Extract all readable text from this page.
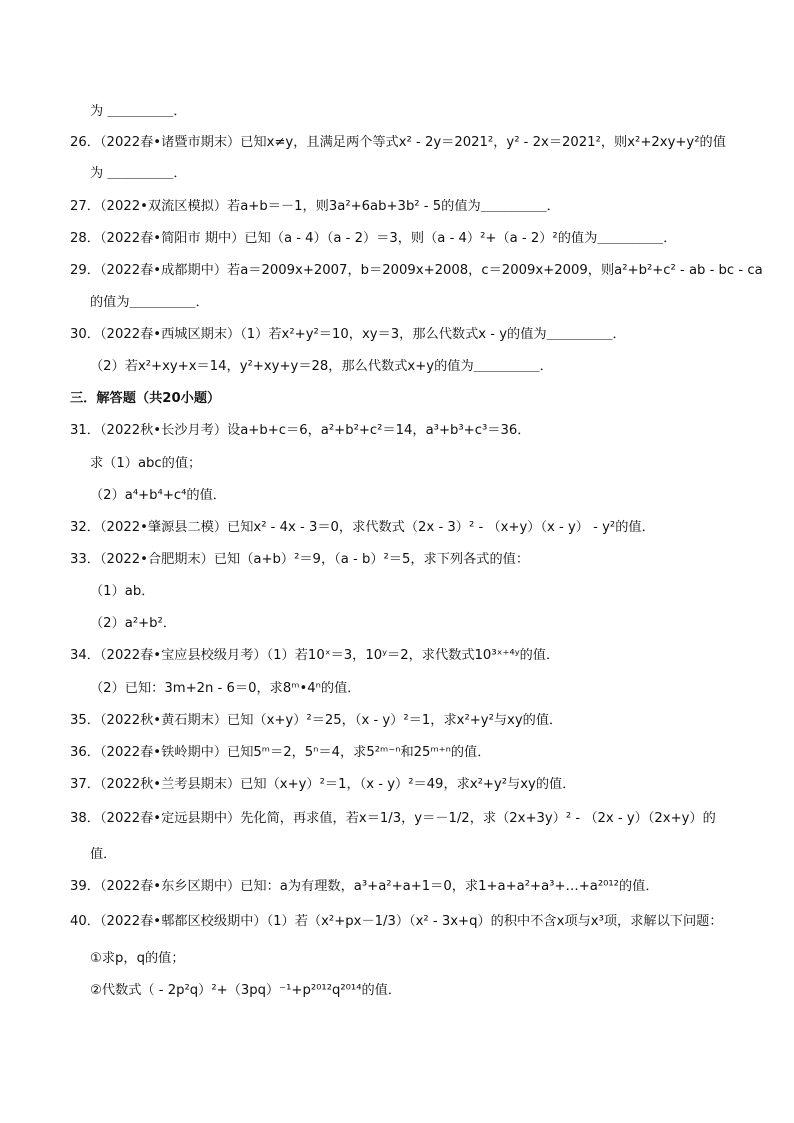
为 ＿＿＿＿＿．
26．（2022春•诸暨市期末）已知x≠y，且满足两个等式x² - 2y＝2021²，y² - 2x＝2021²，则x²+2xy+y²的值
为 ＿＿＿＿＿．
27．（2022•双流区模拟）若a+b＝－1，则3a²+6ab+3b² - 5的值为＿＿＿＿＿．
28．（2022春•简阳市 期中）已知（a - 4）（a - 2）＝3，则（a - 4）²+（a - 2）²的值为＿＿＿＿＿．
29．（2022春•成都期中）若a＝2009x+2007，b＝2009x+2008，c＝2009x+2009，则a²+b²+c² - ab - bc - ca
的值为＿＿＿＿＿．
30．（2022春•西城区期末）（1）若x²+y²＝10，xy＝3，那么代数式x - y的值为＿＿＿＿＿．
（2）若x²+xy+x＝14，y²+xy+y＝28，那么代数式x+y的值为＿＿＿＿＿．
三．解答题（共20小题）
31．（2022秋•长沙月考）设a+b+c＝6，a²+b²+c²＝14，a³+b³+c³＝36．
求（1）abc的值；
（2）a⁴+b⁴+c⁴的值．
32．（2022•肇源县二模）已知x² - 4x - 3＝0，求代数式（2x - 3）² - （x+y）（x - y） - y²的值．
33．（2022•合肥期末）已知（a+b）²＝9，（a - b）²＝5，求下列各式的值：
（1）ab．
（2）a²+b²．
34．（2022春•宝应县校级月考）（1）若10ˣ＝3，10ʸ＝2，求代数式10³ˣ⁺⁴ʸ的值．
（2）已知：3m+2n - 6＝0，求8ᵐ•4ⁿ的值．
35．（2022秋•黄石期末）已知（x+y）²＝25，（x - y）²＝1，求x²+y²与xy的值．
36．（2022春•铁岭期中）已知5ᵐ＝2，5ⁿ＝4，求5²ᵐ⁻ⁿ和25ᵐ⁺ⁿ的值．
37．（2022秋•兰考县期末）已知（x+y）²＝1，（x - y）²＝49，求x²+y²与xy的值．
38．（2022春•定远县期中）先化简，再求值，若x＝1/3，y＝－1/2，求（2x+3y）² - （2x - y）（2x+y）的
值．
39．（2022春•东乡区期中）已知：a为有理数，a³+a²+a+1＝0，求1+a+a²+a³+…+a²⁰¹²的值．
40．（2022春•郫都区校级期中）（1）若（x²+px－1/3）（x² - 3x+q）的积中不含x项与x³项，求解以下问题：
①求p，q的值；
②代数式（ - 2p²q）²+（3pq）⁻¹+p²⁰¹²q²⁰¹⁴的值．
